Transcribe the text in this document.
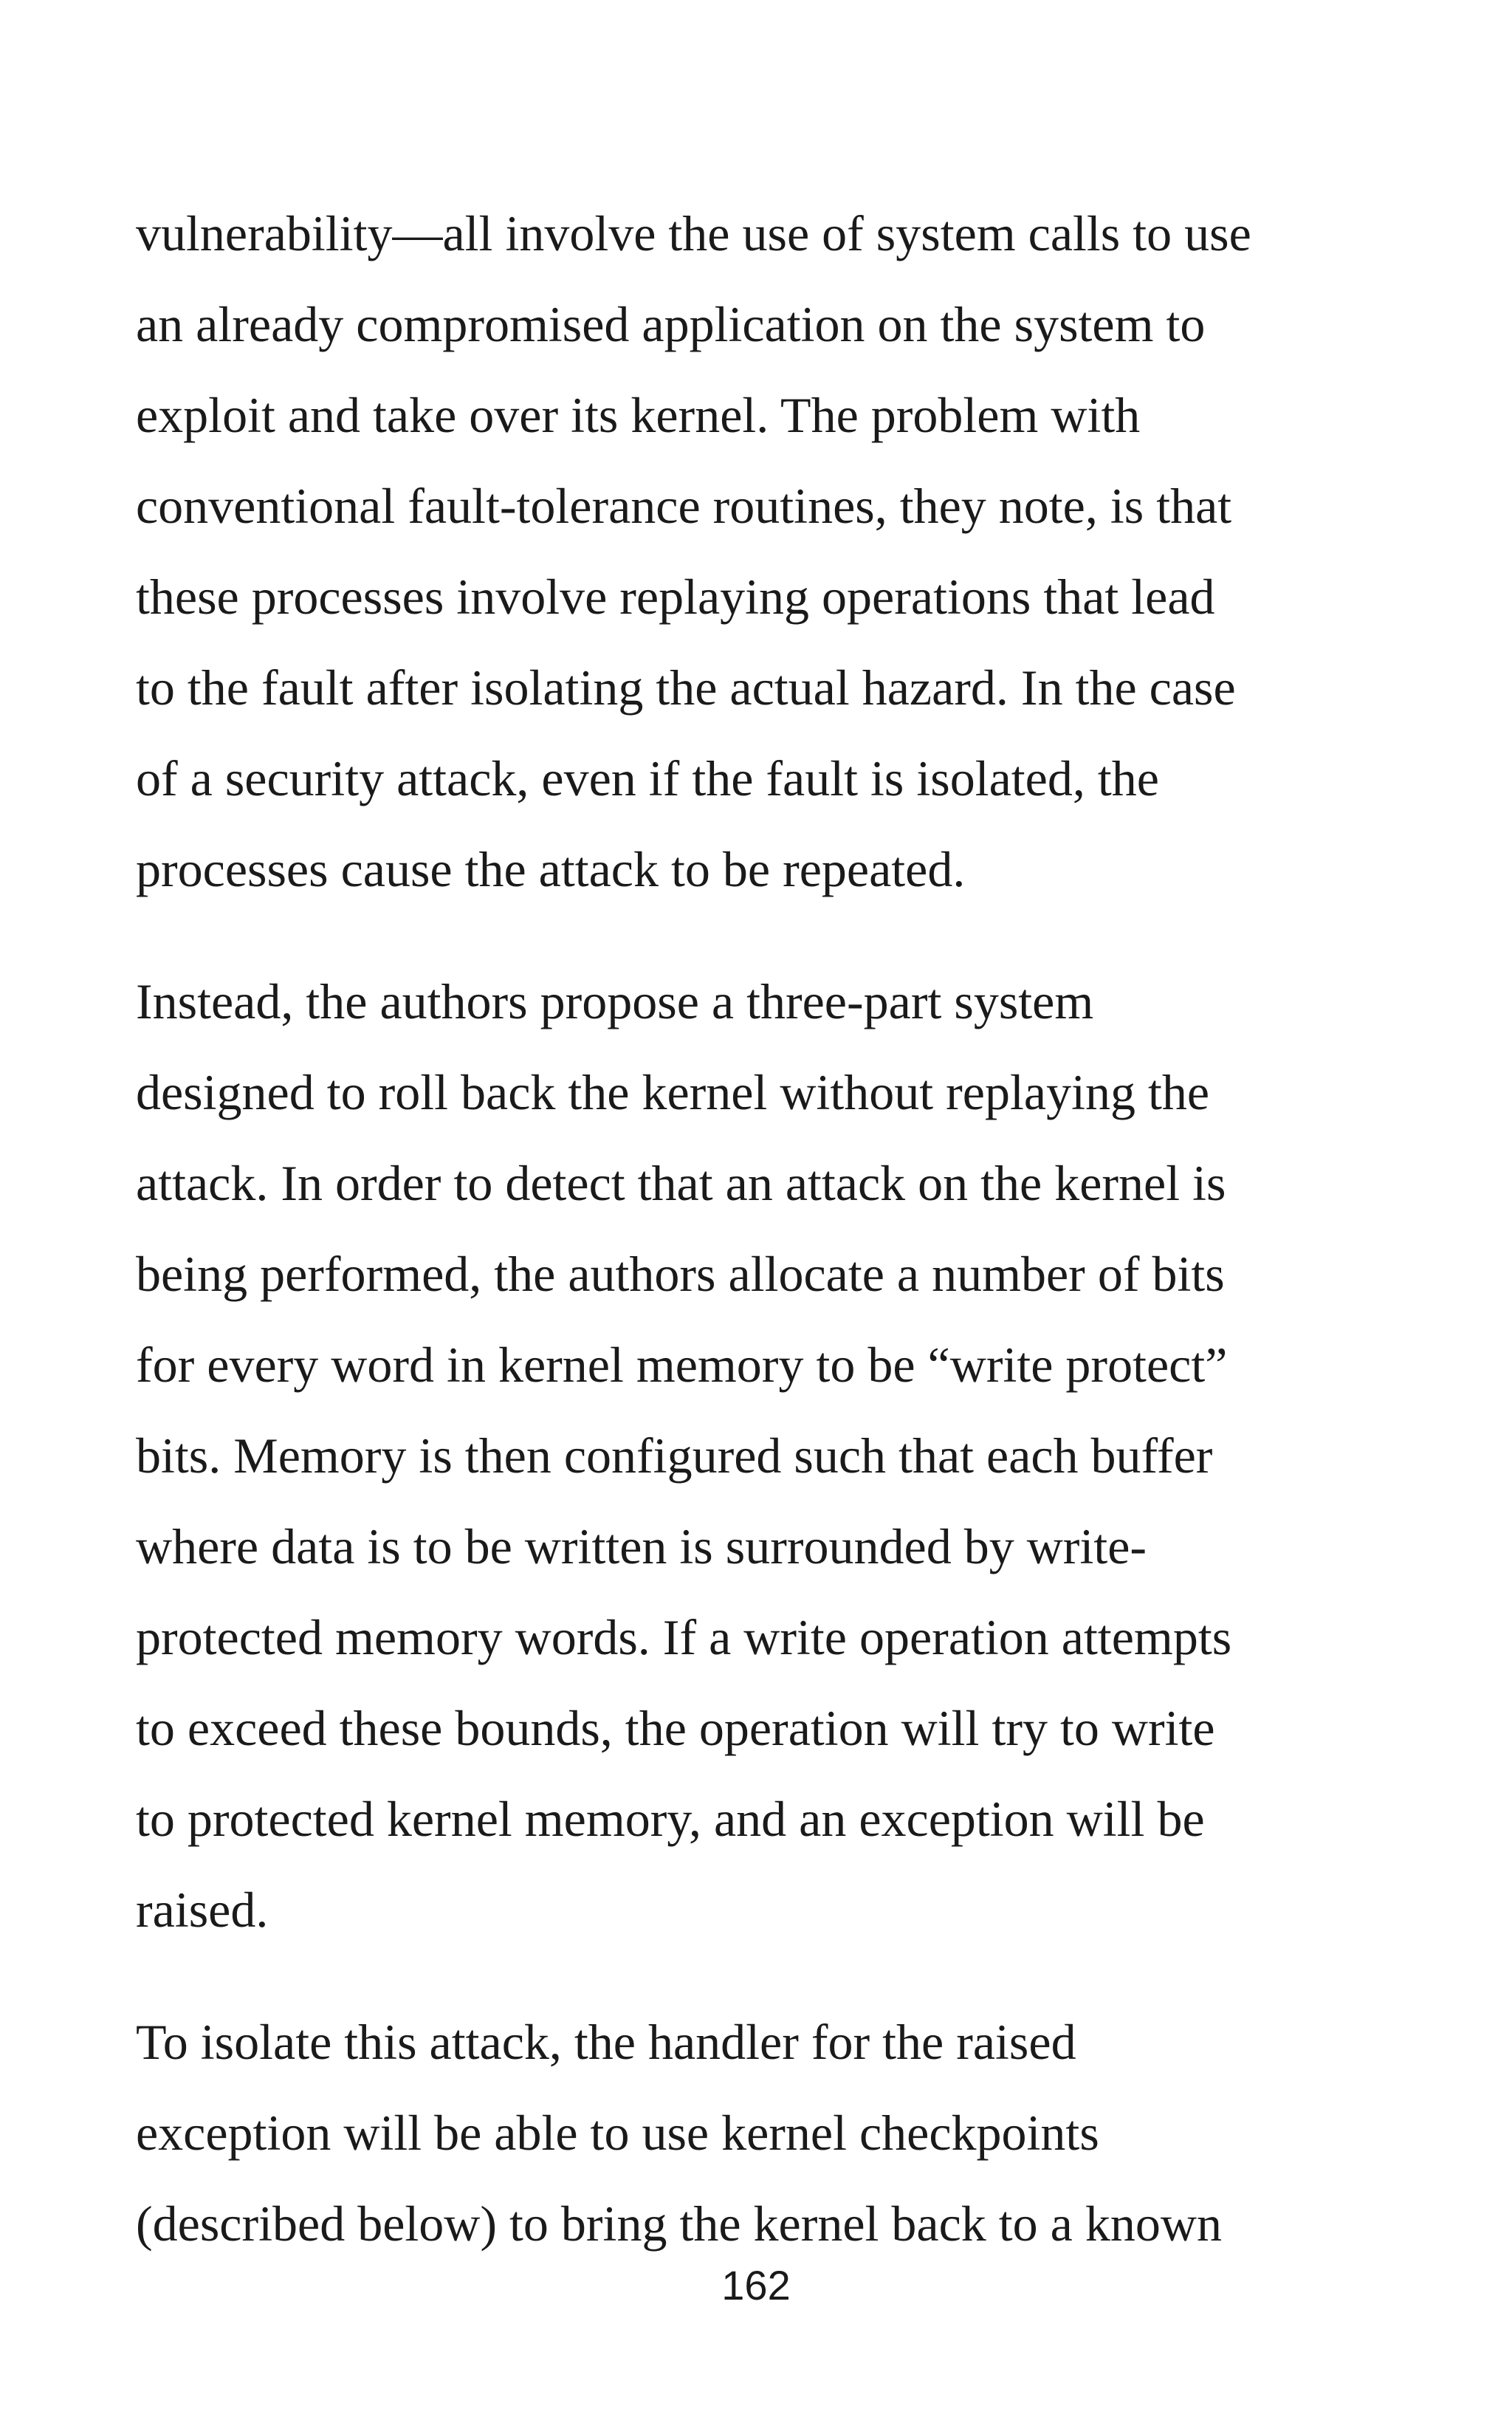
vulnerability—all involve the use of system calls to use
an already compromised application on the system to
exploit and take over its kernel. The problem with
conventional fault-tolerance routines, they note, is that
these processes involve replaying operations that lead
to the fault after isolating the actual hazard. In the case
of a security attack, even if the fault is isolated, the
processes cause the attack to be repeated.

Instead, the authors propose a three-part system
designed to roll back the kernel without replaying the
attack. In order to detect that an attack on the kernel is
being performed, the authors allocate a number of bits
for every word in kernel memory to be “write protect”
bits. Memory is then configured such that each buffer
where data is to be written is surrounded by write-
protected memory words. If a write operation attempts
to exceed these bounds, the operation will try to write
to protected kernel memory, and an exception will be
raised.

To isolate this attack, the handler for the raised
exception will be able to use kernel checkpoints
(described below) to bring the kernel back to a known

162
